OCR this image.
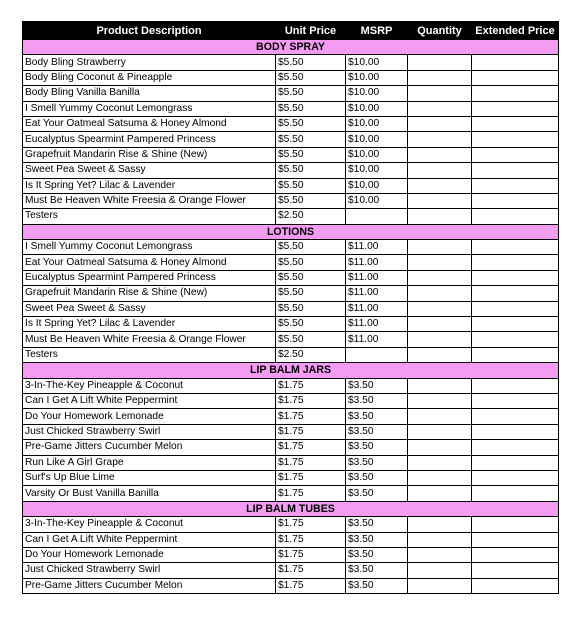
Product Description	Unit Price	MSRP	Quantity	Extended Price
BODY SPRAY				
Body Bling Strawberry	$5.50	$10.00		
Body Bling Coconut & Pineapple	$5.50	$10.00		
Body Bling Vanilla Banilla	$5.50	$10.00		
I Smell Yummy Coconut Lemongrass	$5.50	$10.00		
Eat Your Oatmeal Satsuma & Honey Almond	$5.50	$10.00		
Eucalyptus Spearmint Pampered Princess	$5.50	$10.00		
Grapefruit Mandarin Rise & Shine (New)	$5.50	$10.00		
Sweet Pea Sweet & Sassy	$5.50	$10.00		
Is It Spring Yet? Lilac & Lavender	$5.50	$10.00		
Must Be Heaven White Freesia & Orange Flower	$5.50	$10.00		
Testers	$2.50			
LOTIONS				
I Smell Yummy Coconut Lemongrass	$5.50	$11.00		
Eat Your Oatmeal Satsuma & Honey Almond	$5.50	$11.00		
Eucalyptus Spearmint Pampered Princess	$5.50	$11.00		
Grapefruit Mandarin Rise & Shine (New)	$5.50	$11.00		
Sweet Pea Sweet & Sassy	$5.50	$11.00		
Is It Spring Yet? Lilac & Lavender	$5.50	$11.00		
Must Be Heaven White Freesia & Orange Flower	$5.50	$11.00		
Testers	$2.50			
LIP BALM JARS				
3-In-The-Key Pineapple & Coconut	$1.75	$3.50		
Can I Get A Lift White Peppermint	$1.75	$3.50		
Do Your Homework Lemonade	$1.75	$3.50		
Just Chicked Strawberry Swirl	$1.75	$3.50		
Pre-Game Jitters Cucumber Melon	$1.75	$3.50		
Run Like A Girl Grape	$1.75	$3.50		
Surf's Up Blue Lime	$1.75	$3.50		
Varsity Or Bust Vanilla Banilla	$1.75	$3.50		
LIP BALM TUBES				
3-In-The-Key Pineapple & Coconut	$1.75	$3.50		
Can I Get A Lift White Peppermint	$1.75	$3.50		
Do Your Homework Lemonade	$1.75	$3.50		
Just Chicked Strawberry Swirl	$1.75	$3.50		
Pre-Game Jitters Cucumber Melon	$1.75	$3.50		
